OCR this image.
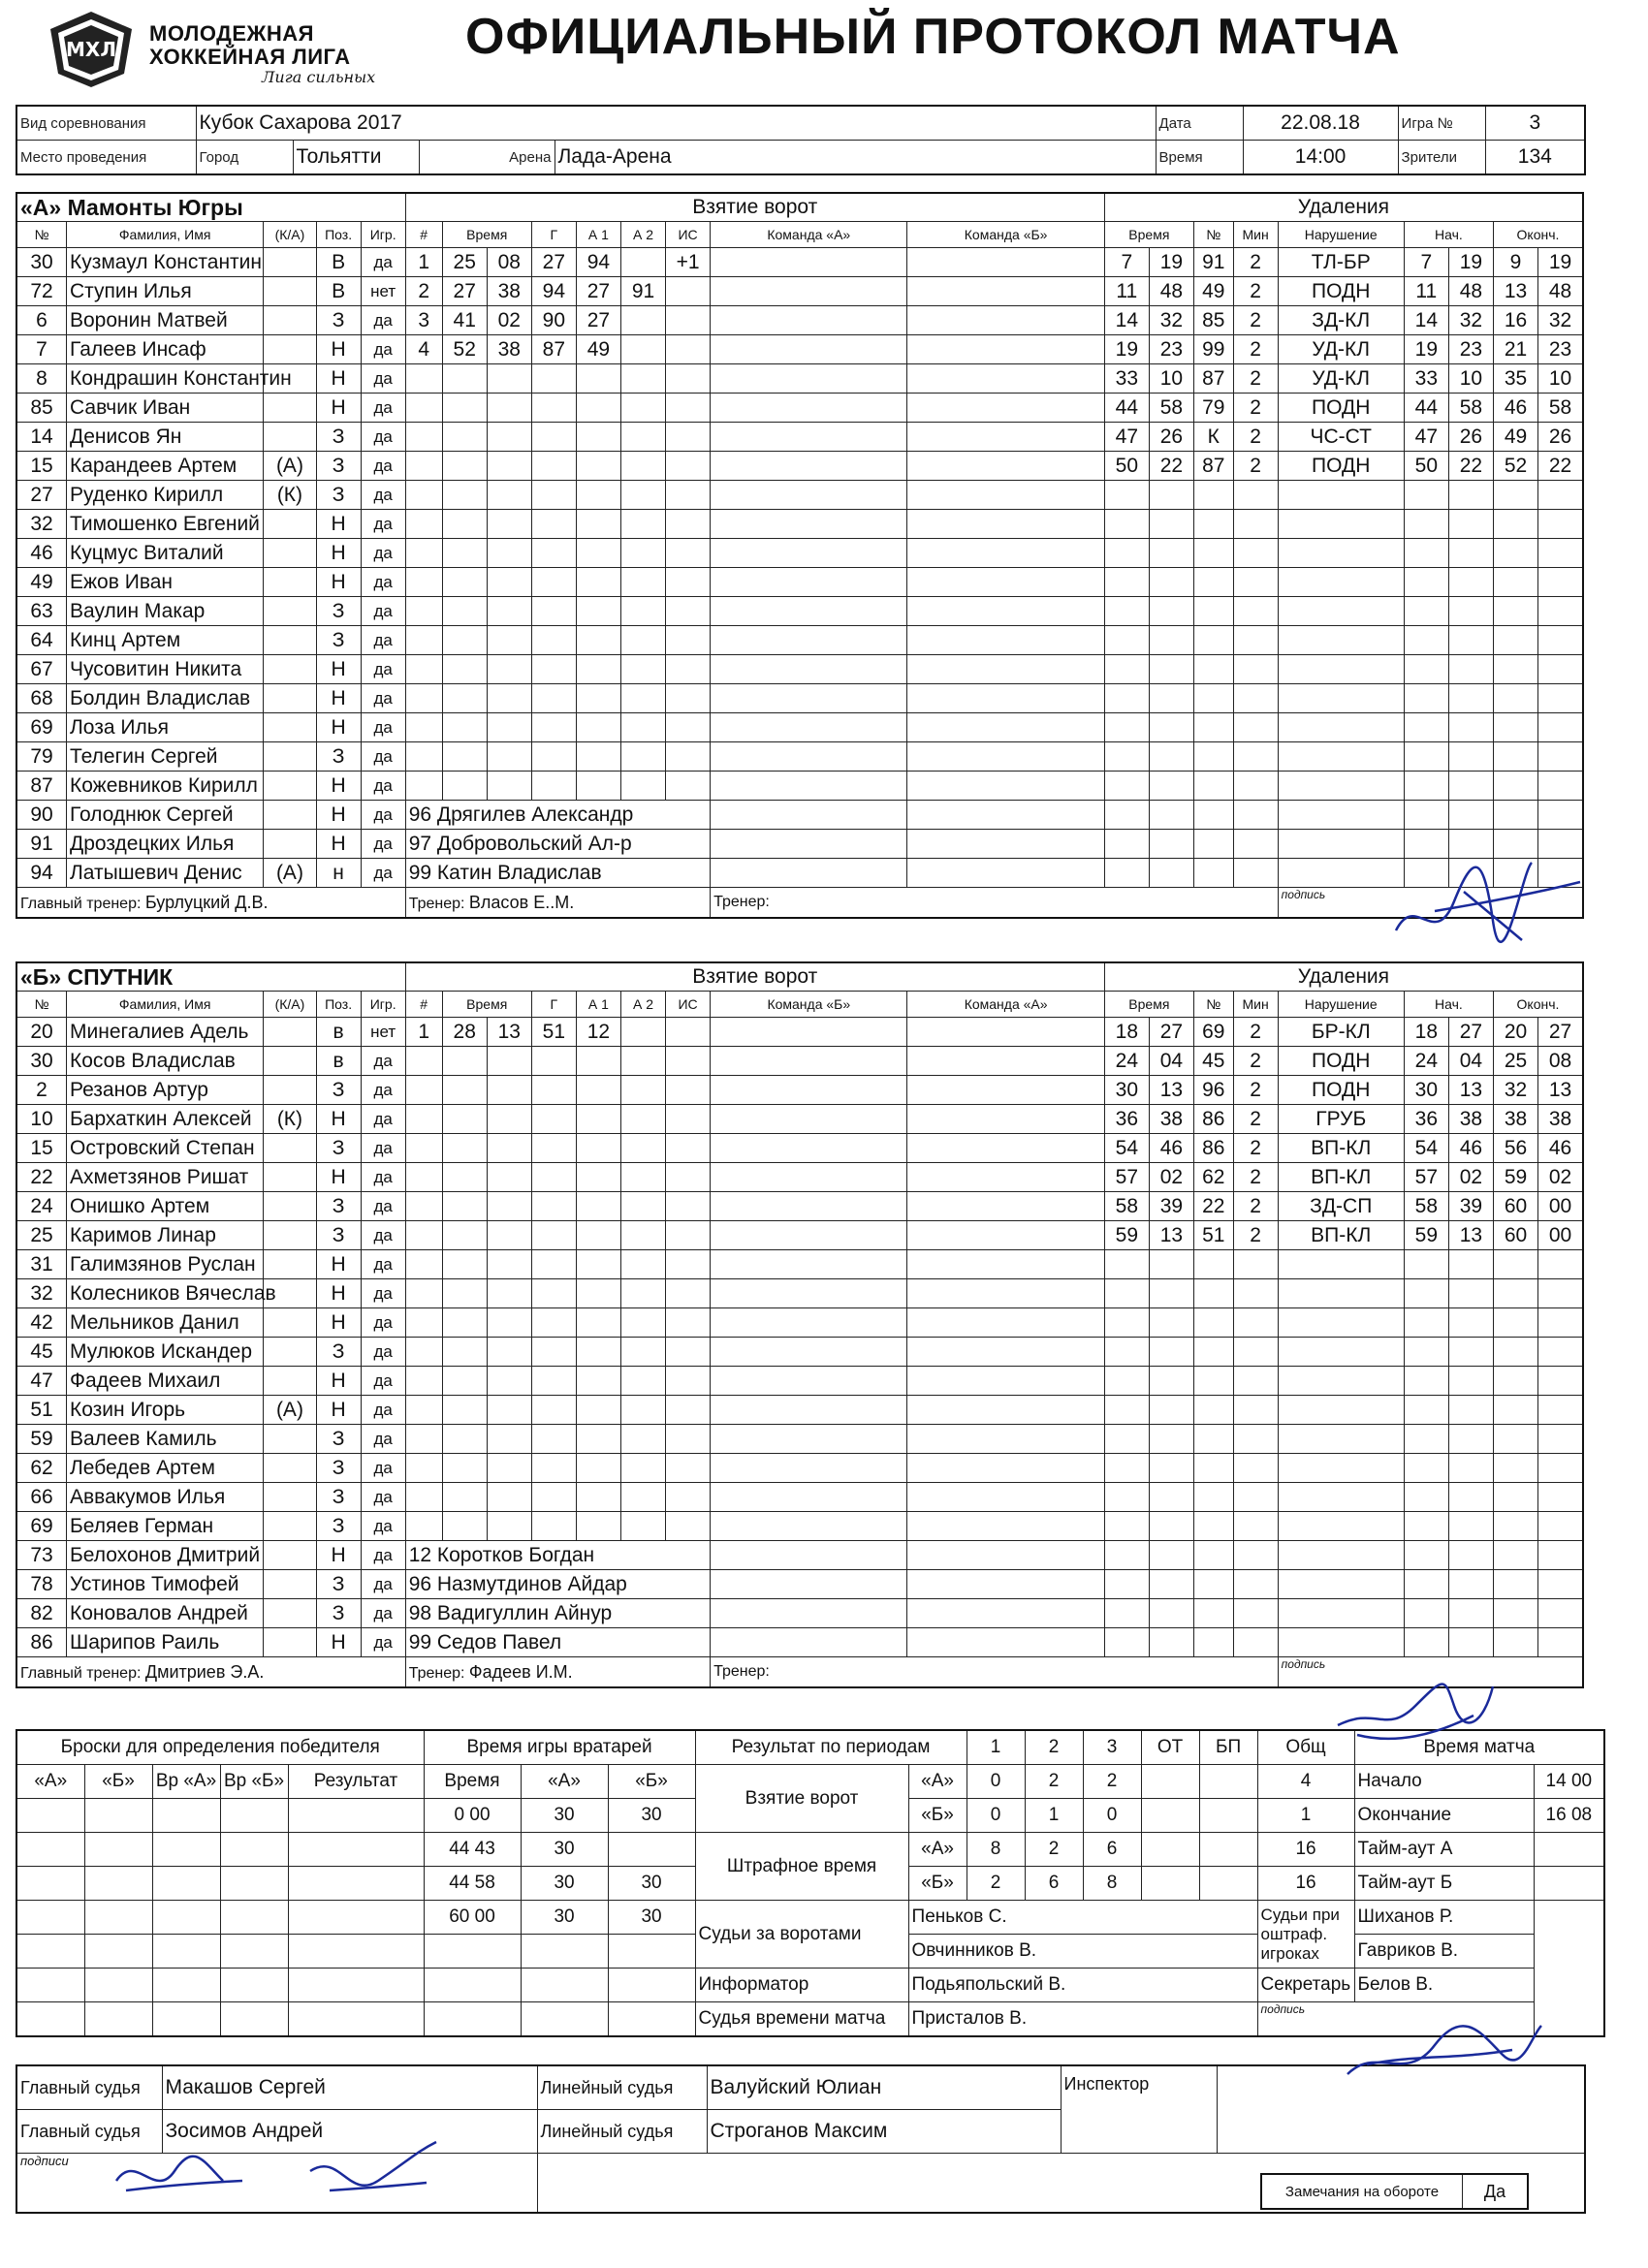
МХЛ
МОЛОДЕЖНАЯ
ХОККЕЙНАЯ ЛИГА
Лига сильных
ОФИЦИАЛЬНЫЙ ПРОТОКОЛ МАТЧА
Вид соревнования	Кубок Сахарова 2017				Дата	22.08.18	Игра №	3
Место проведения	Город	Тольятти	Арена	Лада-Арена	Время	14:00	Зрители	134
«А» Мамонты Югры					Взятие ворот									Удаления								
№	Фамилия, Имя	(К/А)	Поз.	Игр.	#	Время		Г	А 1	А 2	ИС	Команда «А»	Команда «Б»	Время		№	Мин	Нарушение	Нач.		Оконч.	
30	Кузмаул Константин		В	да	1	25	08	27	94		+1			7	19	91	2	ТЛ-БР	7	19	9	19
72	Ступин Илья		В	нет	2	27	38	94	27	91				11	48	49	2	ПОДН	11	48	13	48
6	Воронин Матвей		З	да	3	41	02	90	27					14	32	85	2	ЗД-КЛ	14	32	16	32
7	Галеев Инсаф		Н	да	4	52	38	87	49					19	23	99	2	УД-КЛ	19	23	21	23
8	Кондрашин Константин		Н	да										33	10	87	2	УД-КЛ	33	10	35	10
85	Савчик Иван		Н	да										44	58	79	2	ПОДН	44	58	46	58
14	Денисов Ян		З	да										47	26	К	2	ЧС-СТ	47	26	49	26
15	Карандеев Артем	(А)	З	да										50	22	87	2	ПОДН	50	22	52	22
27	Руденко Кирилл	(К)	З	да																		
32	Тимошенко Евгений		Н	да																		
46	Куцмус Виталий		Н	да																		
49	Ежов Иван		Н	да																		
63	Ваулин Макар		З	да																		
64	Кинц Артем		З	да																		
67	Чусовитин Никита		Н	да																		
68	Болдин Владислав		Н	да																		
69	Лоза Илья		Н	да																		
79	Телегин Сергей		З	да																		
87	Кожевников Кирилл		Н	да																		
90	Голоднюк Сергей		Н	да	96 Дрягилев Александр																	
91	Дроздецких Илья		Н	да	97 Добровольский Ал-р																	
94	Латышевич Денис	(А)	н	да	99 Катин Владислав																	
Главный тренер: Бурлуцкий Д.В.					Тренер: Власов Е..М.							Тренер:						подпись				
«Б» СПУТНИК					Взятие ворот									Удаления								
№	Фамилия, Имя	(К/А)	Поз.	Игр.	#	Время		Г	А 1	А 2	ИС	Команда «Б»	Команда «А»	Время		№	Мин	Нарушение	Нач.		Оконч.	
20	Минегалиев Адель		в	нет	1	28	13	51	12					18	27	69	2	БР-КЛ	18	27	20	27
30	Косов Владислав		в	да										24	04	45	2	ПОДН	24	04	25	08
2	Резанов Артур		З	да										30	13	96	2	ПОДН	30	13	32	13
10	Бархаткин Алексей	(К)	Н	да										36	38	86	2	ГРУБ	36	38	38	38
15	Островский Степан		З	да										54	46	86	2	ВП-КЛ	54	46	56	46
22	Ахметзянов Ришат		Н	да										57	02	62	2	ВП-КЛ	57	02	59	02
24	Онишко Артем		З	да										58	39	22	2	ЗД-СП	58	39	60	00
25	Каримов Линар		З	да										59	13	51	2	ВП-КЛ	59	13	60	00
31	Галимзянов Руслан		Н	да																		
32	Колесников Вячеслав		Н	да																		
42	Мельников Данил		Н	да																		
45	Мулюков Искандер		З	да																		
47	Фадеев Михаил		Н	да																		
51	Козин Игорь	(А)	Н	да																		
59	Валеев Камиль		З	да																		
62	Лебедев Артем		З	да																		
66	Аввакумов Илья		З	да																		
69	Беляев Герман		З	да																		
73	Белохонов Дмитрий		Н	да	12 Коротков Богдан																	
78	Устинов Тимофей		З	да	96 Назмутдинов Айдар																	
82	Коновалов Андрей		З	да	98 Вадигуллин Айнур																	
86	Шарипов Раиль		Н	да	99 Седов Павел																	
Главный тренер: Дмитриев Э.А.					Тренер: Фадеев И.М.							Тренер:						подпись				
Броски для определения победителя					Время игры вратарей			Результат по периодам		1	2	3	ОТ	БП	Общ	Время матча	
«А»	«Б»	Вр «А»	Вр «Б»	Результат	Время	«А»	«Б»	Взятие ворот	«А»	0	2	2			4	Начало	14 00
					0 00	30	30		«Б»	0	1	0			1	Окончание	16 08
					44 43	30		Штрафное время	«А»	8	2	6			16	Тайм-аут А	
					44 58	30	30		«Б»	2	6	8			16	Тайм-аут Б	
					60 00	30	30	Судьи за воротами	Пеньков С.						Судьи при оштраф. игроках	Шиханов Р.	
									Овчинников В.							Гавриков В.	
								Информатор	Подьяпольский В.						Секретарь	Белов В.	
								Судья времени матча	Присталов В.						подпись		
Главный судья	Макашов Сергей	Линейный судья	Валуйский Юлиан	Инспектор	
Главный судья	Зосимов Андрей	Линейный судья	Строганов Максим		
подписи					
Замечания на обороте	Да
